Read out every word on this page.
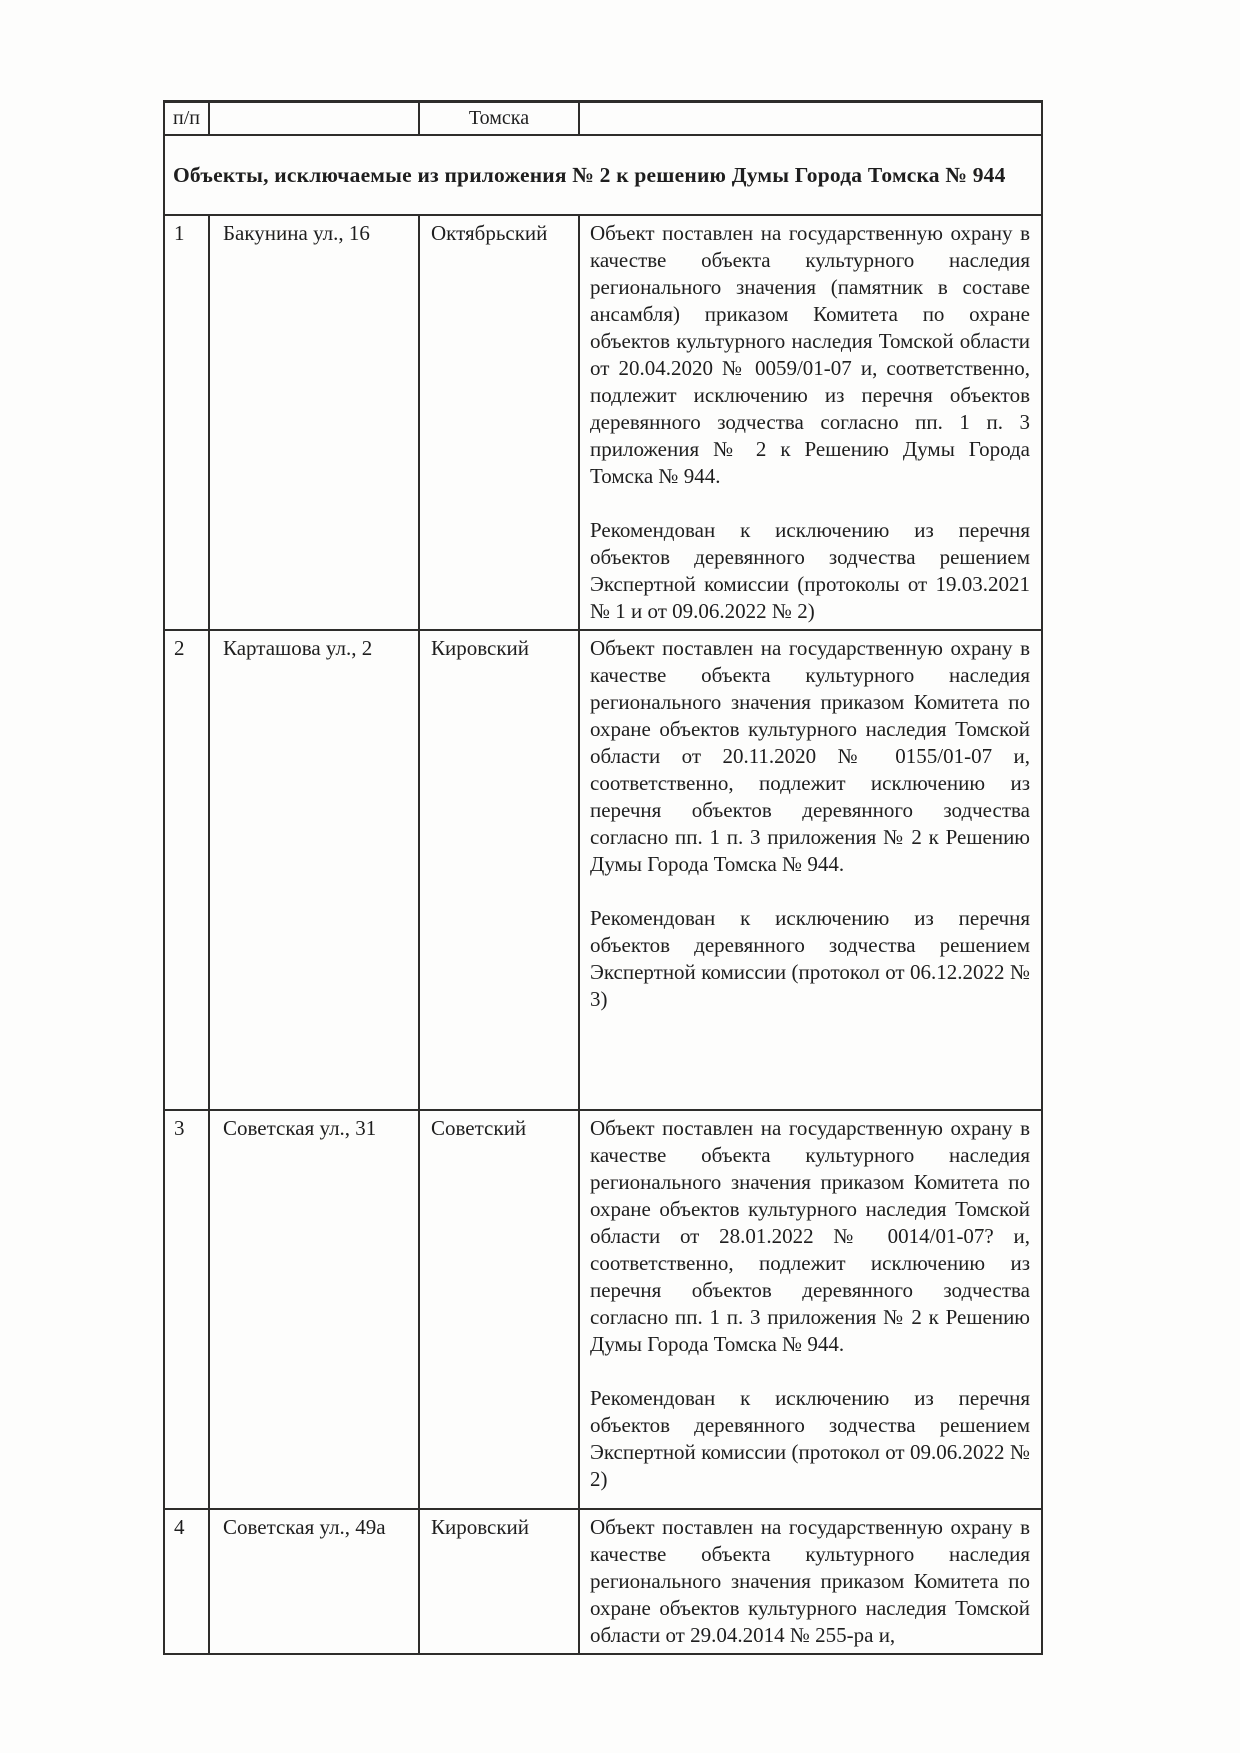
п/п		Томска	

Объекты, исключаемые из приложения № 2 к решению Думы Города Томска № 944			

1	Бакунина ул., 16	Октябрьский	Объект поставлен на государственную охрану в качестве объекта культурного наследия регионального значения (памятник в составе ансамбля) приказом Комитета по охране объектов культурного наследия Томской области от 20.04.2020 № 0059/01-07 и, соответственно, подлежит исключению из перечня объектов деревянного зодчества согласно пп. 1 п. 3 приложения № 2 к Решению Думы Города Томска № 944.

Рекомендован к исключению из перечня объектов деревянного зодчества решением Экспертной комиссии (протоколы от 19.03.2021 № 1 и от 09.06.2022 № 2)

2	Карташова ул., 2	Кировский	Объект поставлен на государственную охрану в качестве объекта культурного наследия регионального значения приказом Комитета по охране объектов культурного наследия Томской области от 20.11.2020 № 0155/01-07 и, соответственно, подлежит исключению из перечня объектов деревянного зодчества согласно пп. 1 п. 3 приложения № 2 к Решению Думы Города Томска № 944.

Рекомендован к исключению из перечня объектов деревянного зодчества решением Экспертной комиссии (протокол от 06.12.2022 № 3)

3	Советская ул., 31	Советский	Объект поставлен на государственную охрану в качестве объекта культурного наследия регионального значения приказом Комитета по охране объектов культурного наследия Томской области от 28.01.2022 № 0014/01-07? и, соответственно, подлежит исключению из перечня объектов деревянного зодчества согласно пп. 1 п. 3 приложения № 2 к Решению Думы Города Томска № 944.

Рекомендован к исключению из перечня объектов деревянного зодчества решением Экспертной комиссии (протокол от 09.06.2022 № 2)

4	Советская ул., 49а	Кировский	Объект поставлен на государственную охрану в качестве объекта культурного наследия регионального значения приказом Комитета по охране объектов культурного наследия Томской области от 29.04.2014 № 255-ра и,
